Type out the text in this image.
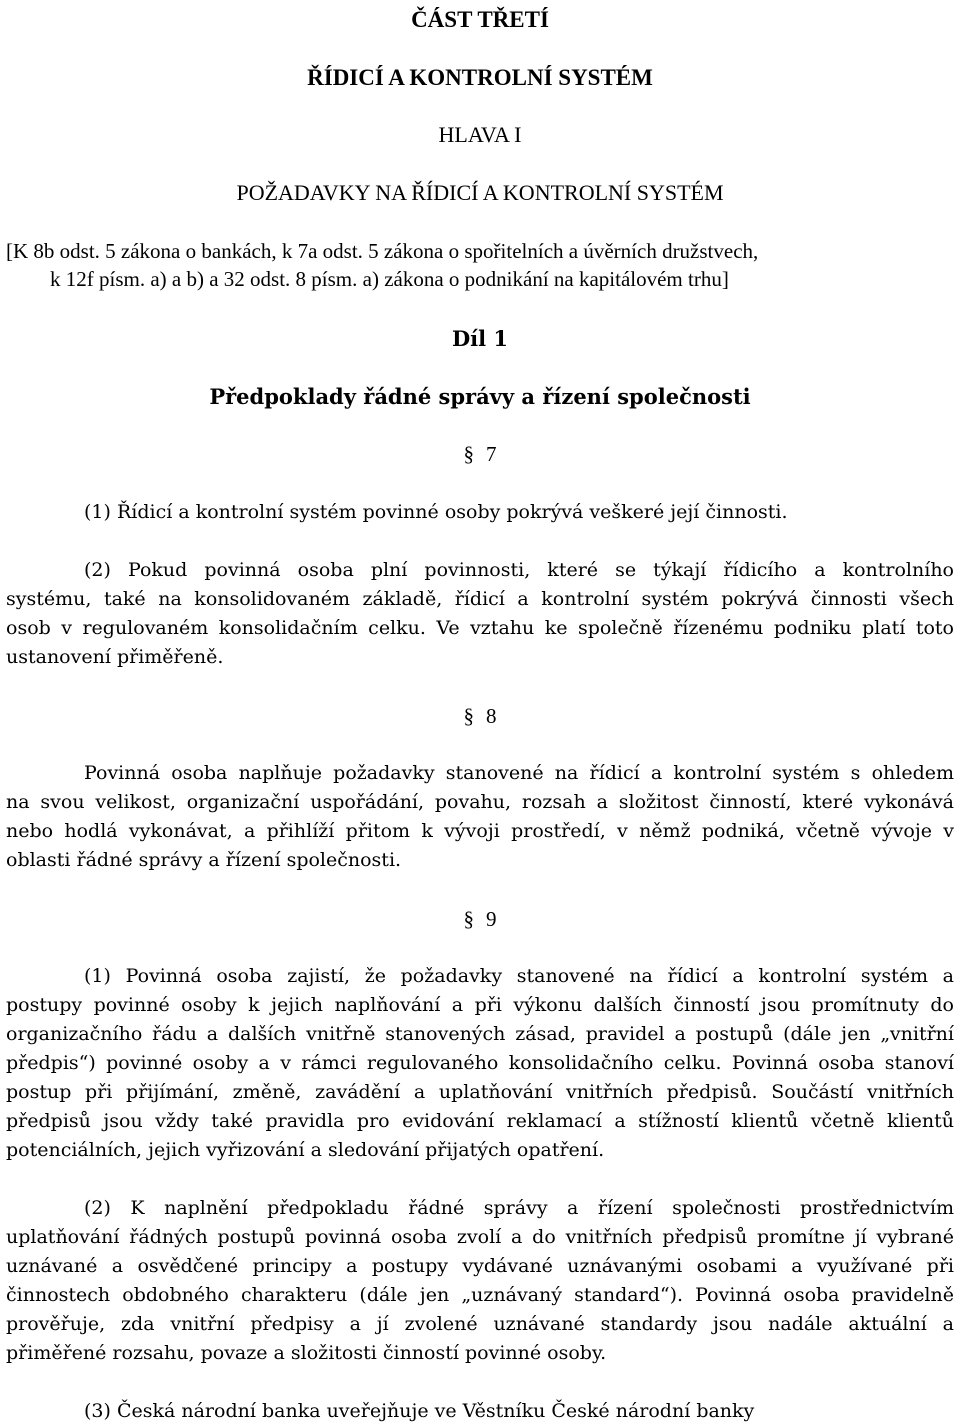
ČÁST TŘETÍ
ŘÍDICÍ A KONTROLNÍ SYSTÉM
HLAVA I
POŽADAVKY NA ŘÍDICÍ A KONTROLNÍ SYSTÉM
[K 8b odst. 5 zákona o bankách, k 7a odst. 5 zákona o spořitelních a úvěrních družstvech,
k 12f písm. a) a b) a 32 odst. 8 písm. a) zákona o podnikání na kapitálovém trhu]
Díl 1
Předpoklady řádné správy a řízení společnosti
§ 7
(1) Řídicí a kontrolní systém povinné osoby pokrývá veškeré její činnosti.
(2) Pokud povinná osoba plní povinnosti, které se týkají řídicího a kontrolního
systému, také na konsolidovaném základě, řídicí a kontrolní systém pokrývá činnosti všech
osob v regulovaném konsolidačním celku. Ve vztahu ke společně řízenému podniku platí toto
ustanovení přiměřeně.
§ 8
Povinná osoba naplňuje požadavky stanovené na řídicí a kontrolní systém s ohledem
na svou velikost, organizační uspořádání, povahu, rozsah a složitost činností, které vykonává
nebo hodlá vykonávat, a přihlíží přitom k vývoji prostředí, v němž podniká, včetně vývoje v
oblasti řádné správy a řízení společnosti.
§ 9
(1) Povinná osoba zajistí, že požadavky stanovené na řídicí a kontrolní systém a
postupy povinné osoby k jejich naplňování a při výkonu dalších činností jsou promítnuty do
organizačního řádu a dalších vnitřně stanovených zásad, pravidel a postupů (dále jen „vnitřní
předpis“) povinné osoby a v rámci regulovaného konsolidačního celku. Povinná osoba stanoví
postup při přijímání, změně, zavádění a uplatňování vnitřních předpisů. Součástí vnitřních
předpisů jsou vždy také pravidla pro evidování reklamací a stížností klientů včetně klientů
potenciálních, jejich vyřizování a sledování přijatých opatření.
(2) K naplnění předpokladu řádné správy a řízení společnosti prostřednictvím
uplatňování řádných postupů povinná osoba zvolí a do vnitřních předpisů promítne jí vybrané
uznávané a osvědčené principy a postupy vydávané uznávanými osobami a využívané při
činnostech obdobného charakteru (dále jen „uznávaný standard“). Povinná osoba pravidelně
prověřuje, zda vnitřní předpisy a jí zvolené uznávané standardy jsou nadále aktuální a
přiměřené rozsahu, povaze a složitosti činností povinné osoby.
(3) Česká národní banka uveřejňuje ve Věstníku České národní banky
